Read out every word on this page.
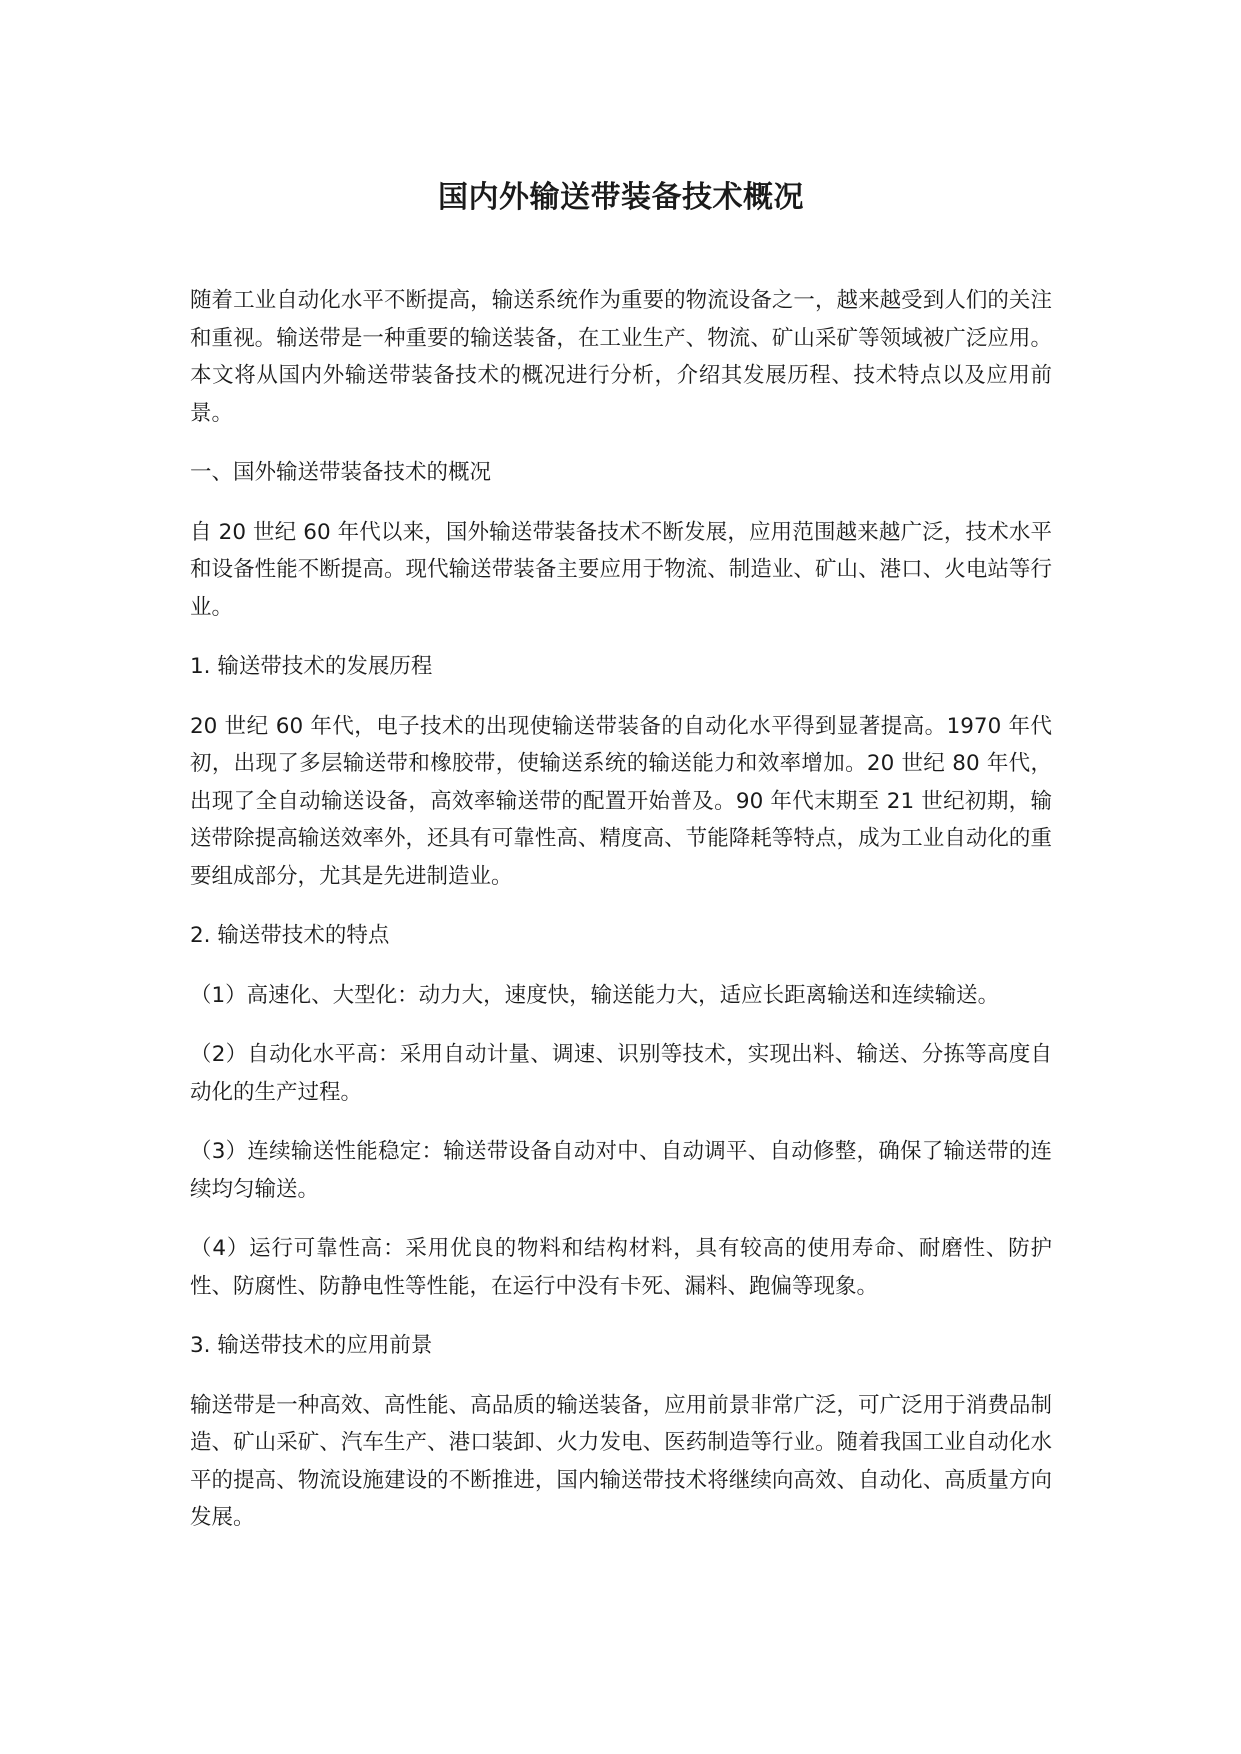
国内外输送带装备技术概况

随着工业自动化水平不断提高，输送系统作为重要的物流设备之一，越来越受到人们的关注和重视。输送带是一种重要的输送装备，在工业生产、物流、矿山采矿等领域被广泛应用。本文将从国内外输送带装备技术的概况进行分析，介绍其发展历程、技术特点以及应用前景。

一、国外输送带装备技术的概况

自 20 世纪 60 年代以来，国外输送带装备技术不断发展，应用范围越来越广泛，技术水平和设备性能不断提高。现代输送带装备主要应用于物流、制造业、矿山、港口、火电站等行业。

1. 输送带技术的发展历程

20 世纪 60 年代，电子技术的出现使输送带装备的自动化水平得到显著提高。1970 年代初，出现了多层输送带和橡胶带，使输送系统的输送能力和效率增加。20 世纪 80 年代，出现了全自动输送设备，高效率输送带的配置开始普及。90 年代末期至 21 世纪初期，输送带除提高输送效率外，还具有可靠性高、精度高、节能降耗等特点，成为工业自动化的重要组成部分，尤其是先进制造业。

2. 输送带技术的特点

（1）高速化、大型化：动力大，速度快，输送能力大，适应长距离输送和连续输送。

（2）自动化水平高：采用自动计量、调速、识别等技术，实现出料、输送、分拣等高度自动化的生产过程。

（3）连续输送性能稳定：输送带设备自动对中、自动调平、自动修整，确保了输送带的连续均匀输送。

（4）运行可靠性高：采用优良的物料和结构材料，具有较高的使用寿命、耐磨性、防护性、防腐性、防静电性等性能，在运行中没有卡死、漏料、跑偏等现象。

3. 输送带技术的应用前景

输送带是一种高效、高性能、高品质的输送装备，应用前景非常广泛，可广泛用于消费品制造、矿山采矿、汽车生产、港口装卸、火力发电、医药制造等行业。随着我国工业自动化水平的提高、物流设施建设的不断推进，国内输送带技术将继续向高效、自动化、高质量方向发展。
